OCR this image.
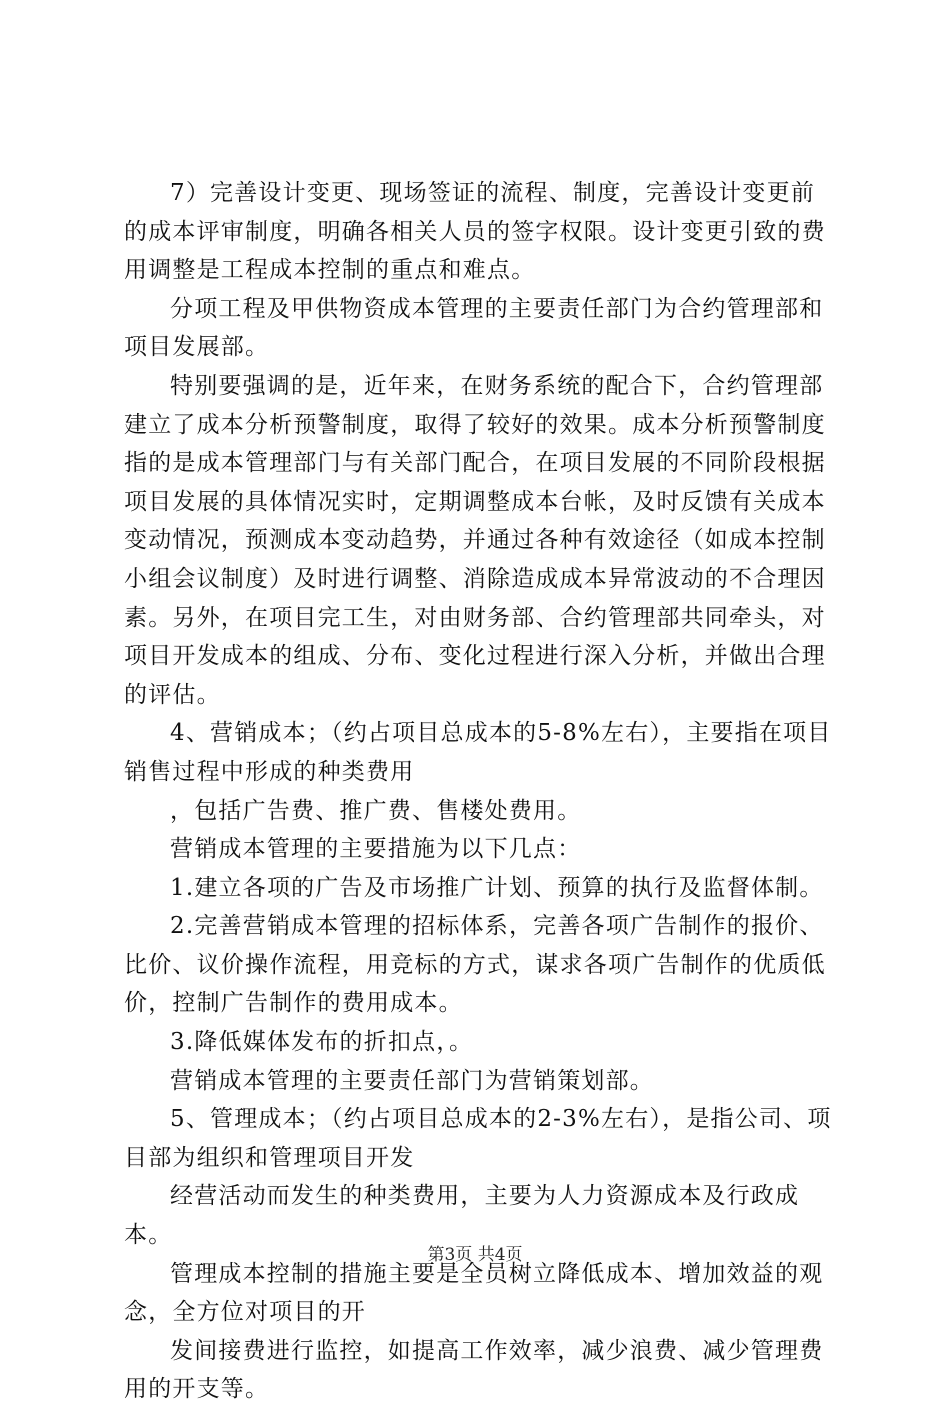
7）完善设计变更、现场签证的流程、制度，完善设计变更前的成本评审制度，明确各相关人员的签字权限。设计变更引致的费用调整是工程成本控制的重点和难点。

分项工程及甲供物资成本管理的主要责任部门为合约管理部和项目发展部。

特别要强调的是，近年来，在财务系统的配合下，合约管理部建立了成本分析预警制度，取得了较好的效果。成本分析预警制度指的是成本管理部门与有关部门配合，在项目发展的不同阶段根据项目发展的具体情况实时，定期调整成本台帐，及时反馈有关成本变动情况，预测成本变动趋势，并通过各种有效途径（如成本控制小组会议制度）及时进行调整、消除造成成本异常波动的不合理因素。另外，在项目完工生，对由财务部、合约管理部共同牵头，对项目开发成本的组成、分布、变化过程进行深入分析，并做出合理的评估。

4、营销成本；（约占项目总成本的5-8%左右），主要指在项目销售过程中形成的种类费用

，包括广告费、推广费、售楼处费用。

营销成本管理的主要措施为以下几点：

1.建立各项的广告及市场推广计划、预算的执行及监督体制。

2.完善营销成本管理的招标体系，完善各项广告制作的报价、比价、议价操作流程，用竞标的方式，谋求各项广告制作的优质低价，控制广告制作的费用成本。

3.降低媒体发布的折扣点，。

营销成本管理的主要责任部门为营销策划部。

5、管理成本；（约占项目总成本的2-3%左右），是指公司、项目部为组织和管理项目开发

经营活动而发生的种类费用，主要为人力资源成本及行政成本。

管理成本控制的措施主要是全员树立降低成本、增加效益的观念，全方位对项目的开

发间接费进行监控，如提高工作效率，减少浪费、减少管理费用的开支等。

第3页 共4页
